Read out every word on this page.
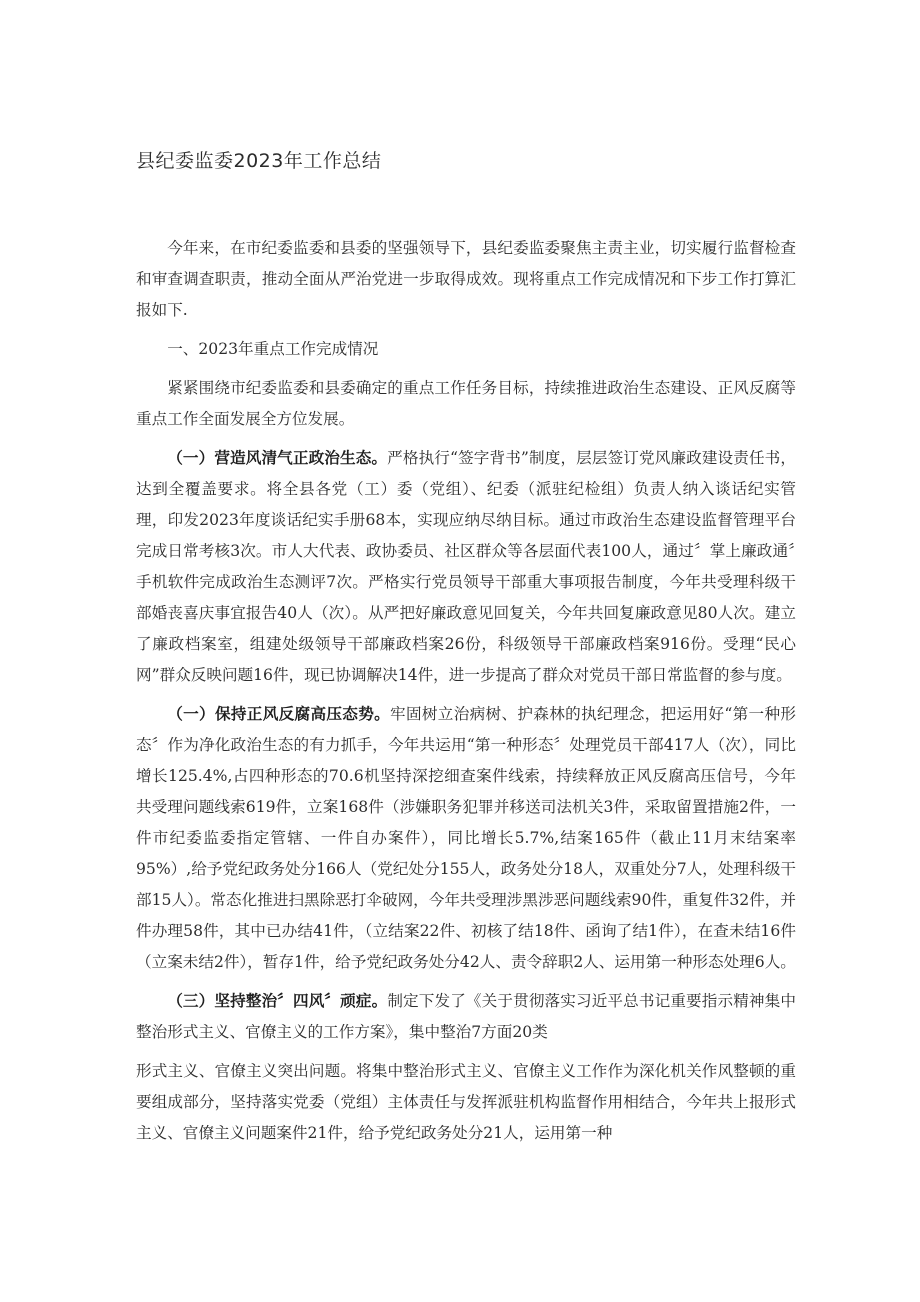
县纪委监委2023年工作总结

今年来，在市纪委监委和县委的坚强领导下，县纪委监委聚焦主责主业，切实履行监督检查和审查调查职责，推动全面从严治党进一步取得成效。现将重点工作完成情况和下步工作打算汇报如下.

一、2023年重点工作完成情况

紧紧围绕市纪委监委和县委确定的重点工作任务目标，持续推进政治生态建设、正风反腐等重点工作全面发展全方位发展。

（一）营造风清气正政治生态。严格执行“签字背书”制度，层层签订党风廉政建设责任书，达到全覆盖要求。将全县各党（工）委（党组）、纪委（派驻纪检组）负责人纳入谈话纪实管理，印发2023年度谈话纪实手册68本，实现应纳尽纳目标。通过市政治生态建设监督管理平台完成日常考核3次。市人大代表、政协委员、社区群众等各层面代表100人，通过〞掌上廉政通〞手机软件完成政治生态测评7次。严格实行党员领导干部重大事项报告制度，今年共受理科级干部婚丧喜庆事宜报告40人（次）。从严把好廉政意见回复关，今年共回复廉政意见80人次。建立了廉政档案室，组建处级领导干部廉政档案26份，科级领导干部廉政档案916份。受理“民心网”群众反映问题16件，现已协调解决14件，进一步提高了群众对党员干部日常监督的参与度。

（一）保持正风反腐高压态势。牢固树立治病树、护森林的执纪理念，把运用好“第一种形态〞作为净化政治生态的有力抓手，今年共运用“第一种形态〞处理党员干部417人（次），同比增长125.4%,占四种形态的70.6机坚持深挖细查案件线索，持续释放正风反腐高压信号，今年共受理问题线索619件，立案168件（涉嫌职务犯罪并移送司法机关3件，采取留置措施2件，一件市纪委监委指定管辖、一件自办案件），同比增长5.7%,结案165件（截止11月末结案率95%）,给予党纪政务处分166人（党纪处分155人，政务处分18人，双重处分7人，处理科级干部15人）。常态化推进扫黑除恶打伞破网，今年共受理涉黑涉恶问题线索90件，重复件32件，并件办理58件，其中已办结41件，（立结案22件、初核了结18件、函询了结1件），在查未结16件（立案未结2件），暂存1件，给予党纪政务处分42人、责令辞职2人、运用第一种形态处理6人。

（三）坚持整治〞四风〞顽症。制定下发了《关于贯彻落实习近平总书记重要指示精神集中整治形式主义、官僚主义的工作方案》，集中整治7方面20类

形式主义、官僚主义突出问题。将集中整治形式主义、官僚主义工作作为深化机关作风整顿的重要组成部分，坚持落实党委（党组）主体责任与发挥派驻机构监督作用相结合，今年共上报形式主义、官僚主义问题案件21件，给予党纪政务处分21人，运用第一种
